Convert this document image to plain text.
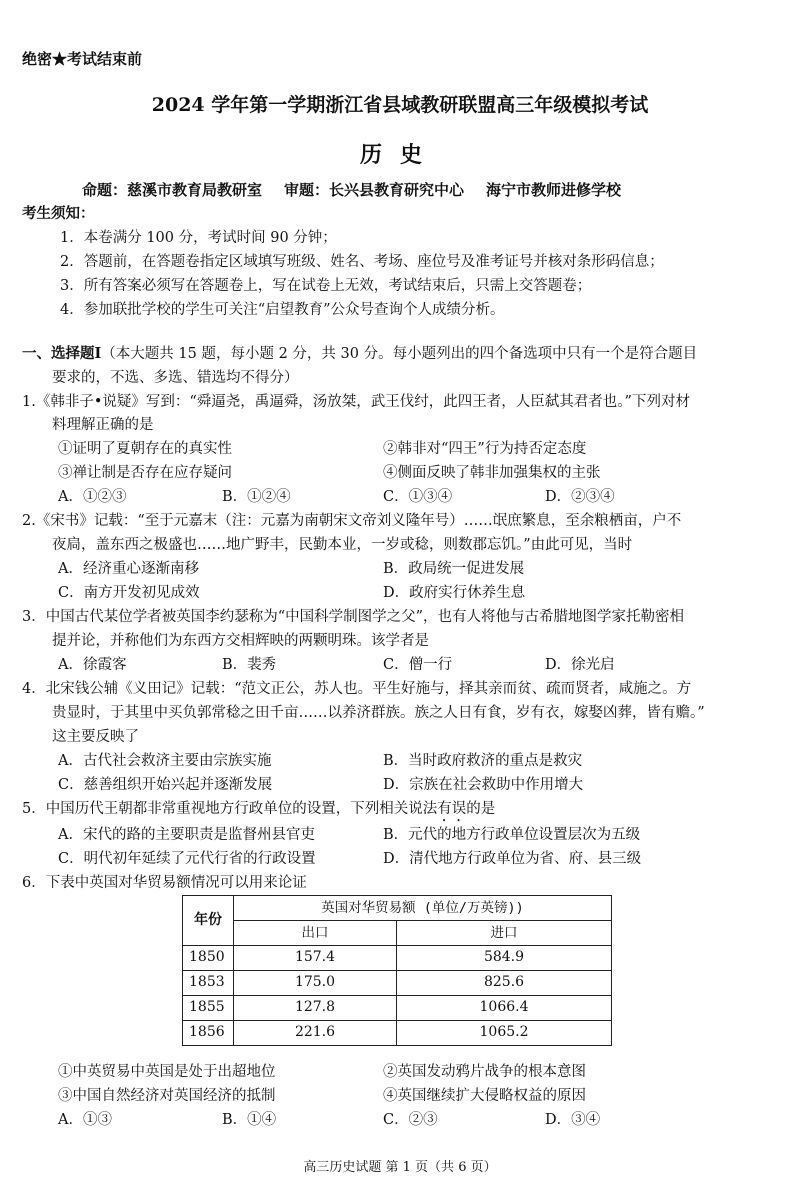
绝密★考试结束前
2024 学年第一学期浙江省县域教研联盟高三年级模拟考试
历史
命题：慈溪市教育局教研室 审题：长兴县教育研究中心 海宁市教师进修学校
考生须知：
1．本卷满分 100 分，考试时间 90 分钟；
2．答题前，在答题卷指定区域填写班级、姓名、考场、座位号及准考证号并核对条形码信息；
3．所有答案必须写在答题卷上，写在试卷上无效，考试结束后，只需上交答题卷；
4．参加联批学校的学生可关注“启望教育”公众号查询个人成绩分析。
一、选择题Ⅰ（本大题共 15 题，每小题 2 分，共 30 分。每小题列出的四个备选项中只有一个是符合题目
要求的，不选、多选、错选均不得分）
1.《韩非子•说疑》写到：“舜逼尧，禹逼舜，汤放桀，武王伐纣，此四王者，人臣弑其君者也。”下列对材
料理解正确的是
①证明了夏朝存在的真实性	②韩非对“四王”行为持否定态度
③禅让制是否存在应存疑问	④侧面反映了韩非加强集权的主张
A．①②③	B．①②④	C．①③④	D．②③④
2.《宋书》记载：“至于元嘉末（注：元嘉为南朝宋文帝刘义隆年号）……氓庶繁息，至余粮栖亩，户不
夜扃，盖东西之极盛也……地广野丰，民勤本业，一岁或稔，则数郡忘饥。”由此可见，当时
A．经济重心逐渐南移	B．政局统一促进发展
C．南方开发初见成效	D．政府实行休养生息
3．中国古代某位学者被英国李约瑟称为“中国科学制图学之父”，也有人将他与古希腊地图学家托勒密相
提并论，并称他们为东西方交相辉映的两颗明珠。该学者是
A．徐霞客	B．裴秀	C．僧一行	D．徐光启
4．北宋钱公辅《义田记》记载：“范文正公，苏人也。平生好施与，择其亲而贫、疏而贤者，咸施之。方
贵显时，于其里中买负郭常稔之田千亩……以养济群族。族之人日有食，岁有衣，嫁娶凶葬，皆有赡。”
这主要反映了
A．古代社会救济主要由宗族实施	B．当时政府救济的重点是救灾
C．慈善组织开始兴起并逐渐发展	D．宗族在社会救助中作用增大
5．中国历代王朝都非常重视地方行政单位的设置，下列相关说法有误的是
A．宋代的路的主要职责是监督州县官吏	B．元代的地方行政单位设置层次为五级
C．明代初年延续了元代行省的行政设置	D．清代地方行政单位为省、府、县三级
6．下表中英国对华贸易额情况可以用来论证
年份	英国对华贸易额 (单位/万英镑))	
	出口	进口
1850	157.4	584.9
1853	175.0	825.6
1855	127.8	1066.4
1856	221.6	1065.2
①中英贸易中英国是处于出超地位	②英国发动鸦片战争的根本意图
③中国自然经济对英国经济的抵制	④英国继续扩大侵略权益的原因
A．①③	B．①④	C．②③	D．③④
高三历史试题 第 1 页（共 6 页）
